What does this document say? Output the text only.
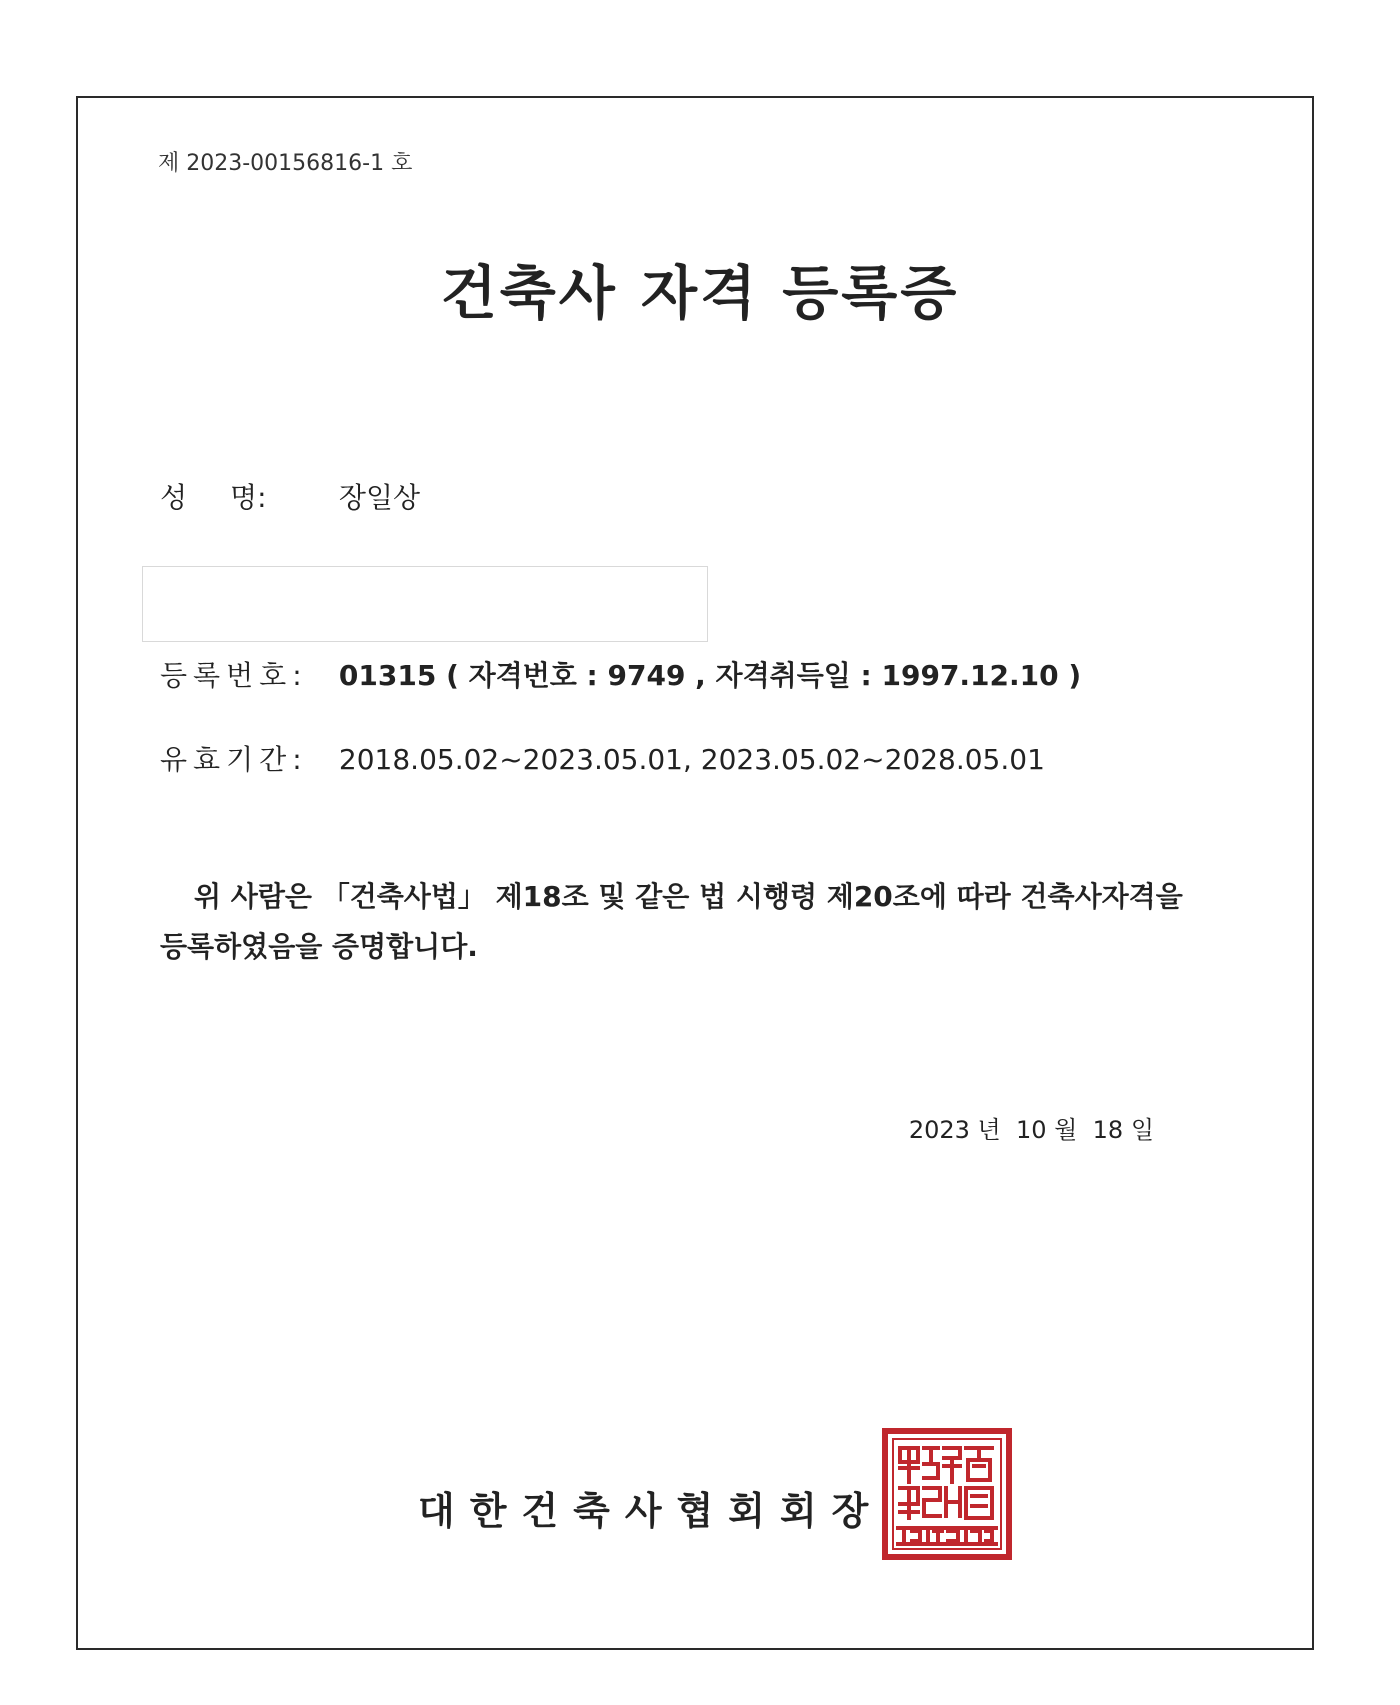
제 2023-00156816-1 호
건축사 자격 등록증
성 명:	장일상
등록번호: 01315 ( 자격번호 : 9749 , 자격취득일 : 1997.12.10 )
유효기간: 2018.05.02~2023.05.01, 2023.05.02~2028.05.01
위 사람은 「건축사법」 제18조 및 같은 법 시행령 제20조에 따라 건축사자격을
등록하였음을 증명합니다.
2023 년 10 월 18 일
대한건축사협회회장
